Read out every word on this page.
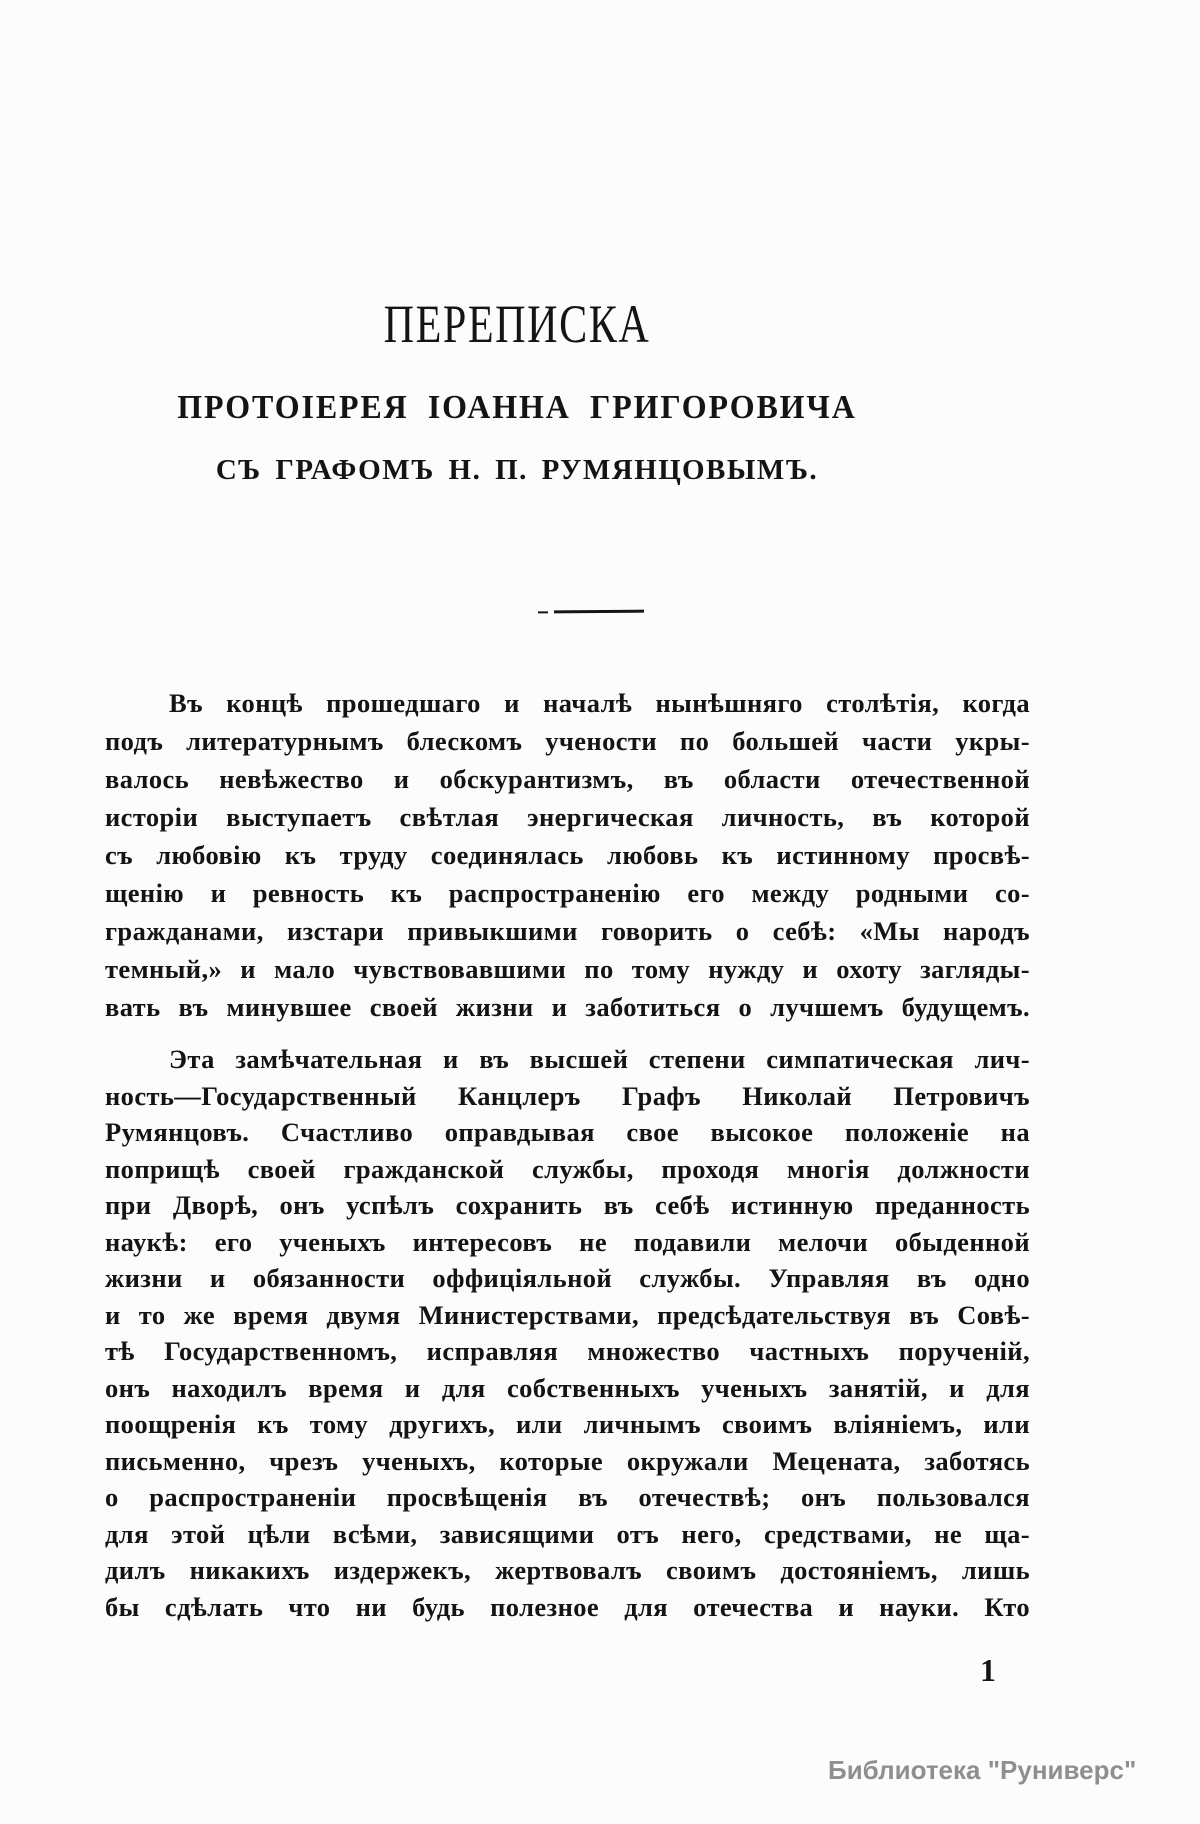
ПЕРЕПИСКА
ПРОТОІЕРЕЯ ІОАННА ГРИГОРОВИЧА
СЪ ГРАФОМЪ Н. П. РУМЯНЦОВЫМЪ.

Въ концѣ прошедшаго и началѣ нынѣшняго столѣтія, когда
подъ литературнымъ блескомъ учености по большей части укры-
валось невѣжество и обскурантизмъ, въ области отечественной
исторіи выступаетъ свѣтлая энергическая личность, въ которой
съ любовію къ труду соединялась любовь къ истинному просвѣ-
щенію и ревность къ распространенію его между родными со-
гражданами, изстари привыкшими говорить о себѣ: «Мы народъ
темный,» и мало чувствовавшими по тому нужду и охоту загляды-
вать въ минувшее своей жизни и заботиться о лучшемъ будущемъ.

Эта замѣчательная и въ высшей степени симпатическая лич-
ность—Государственный Канцлеръ Графъ Николай Петровичъ
Румянцовъ. Счастливо оправдывая свое высокое положеніе на
поприщѣ своей гражданской службы, проходя многія должности
при Дворѣ, онъ успѣлъ сохранить въ себѣ истинную преданность
наукѣ: его ученыхъ интересовъ не подавили мелочи обыденной
жизни и обязанности оффиціяльной службы. Управляя въ одно
и то же время двумя Министерствами, предсѣдательствуя въ Совѣ-
тѣ Государственномъ, исправляя множество частныхъ порученій,
онъ находилъ время и для собственныхъ ученыхъ занятій, и для
поощренія къ тому другихъ, или личнымъ своимъ вліяніемъ, или
письменно, чрезъ ученыхъ, которые окружали Мецената, заботясь
о распространеніи просвѣщенія въ отечествѣ; онъ пользовался
для этой цѣли всѣми, зависящими отъ него, средствами, не ща-
дилъ никакихъ издержекъ, жертвовалъ своимъ достояніемъ, лишь
бы сдѣлать что ни будь полезное для отечества и науки. Кто

1
Библиотека "Руниверс"
